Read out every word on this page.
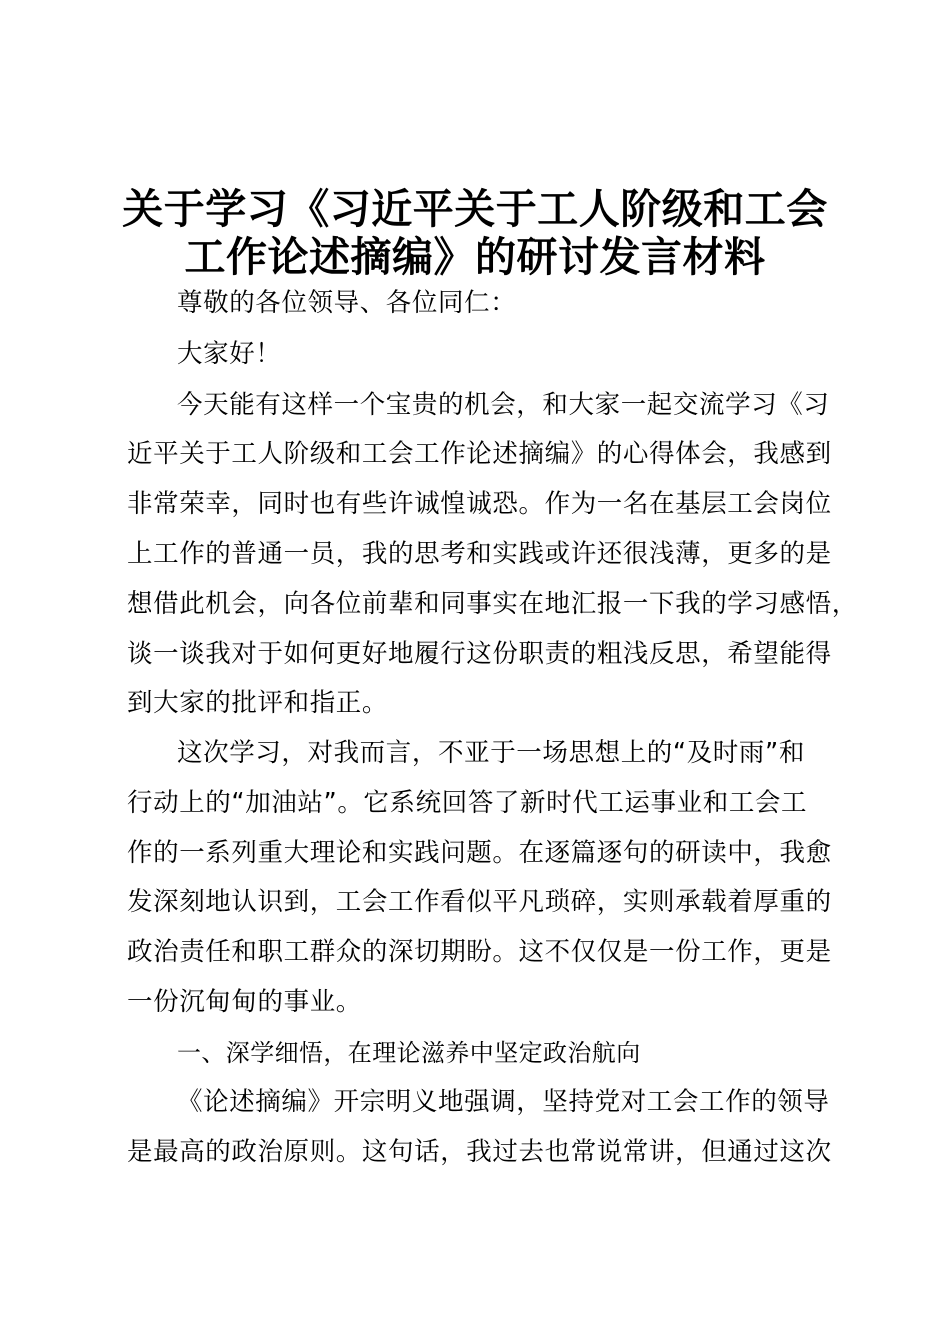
关于学习《习近平关于工人阶级和工会
工作论述摘编》的研讨发言材料
尊敬的各位领导、各位同仁：
大家好！
今天能有这样一个宝贵的机会，和大家一起交流学习《习
近平关于工人阶级和工会工作论述摘编》的心得体会，我感到
非常荣幸，同时也有些许诚惶诚恐。作为一名在基层工会岗位
上工作的普通一员，我的思考和实践或许还很浅薄，更多的是
想借此机会，向各位前辈和同事实在地汇报一下我的学习感悟，
谈一谈我对于如何更好地履行这份职责的粗浅反思，希望能得
到大家的批评和指正。
这次学习，对我而言，不亚于一场思想上的“及时雨”和
行动上的“加油站”。它系统回答了新时代工运事业和工会工
作的一系列重大理论和实践问题。在逐篇逐句的研读中，我愈
发深刻地认识到，工会工作看似平凡琐碎，实则承载着厚重的
政治责任和职工群众的深切期盼。这不仅仅是一份工作，更是
一份沉甸甸的事业。
一、深学细悟，在理论滋养中坚定政治航向
《论述摘编》开宗明义地强调，坚持党对工会工作的领导
是最高的政治原则。这句话，我过去也常说常讲，但通过这次
